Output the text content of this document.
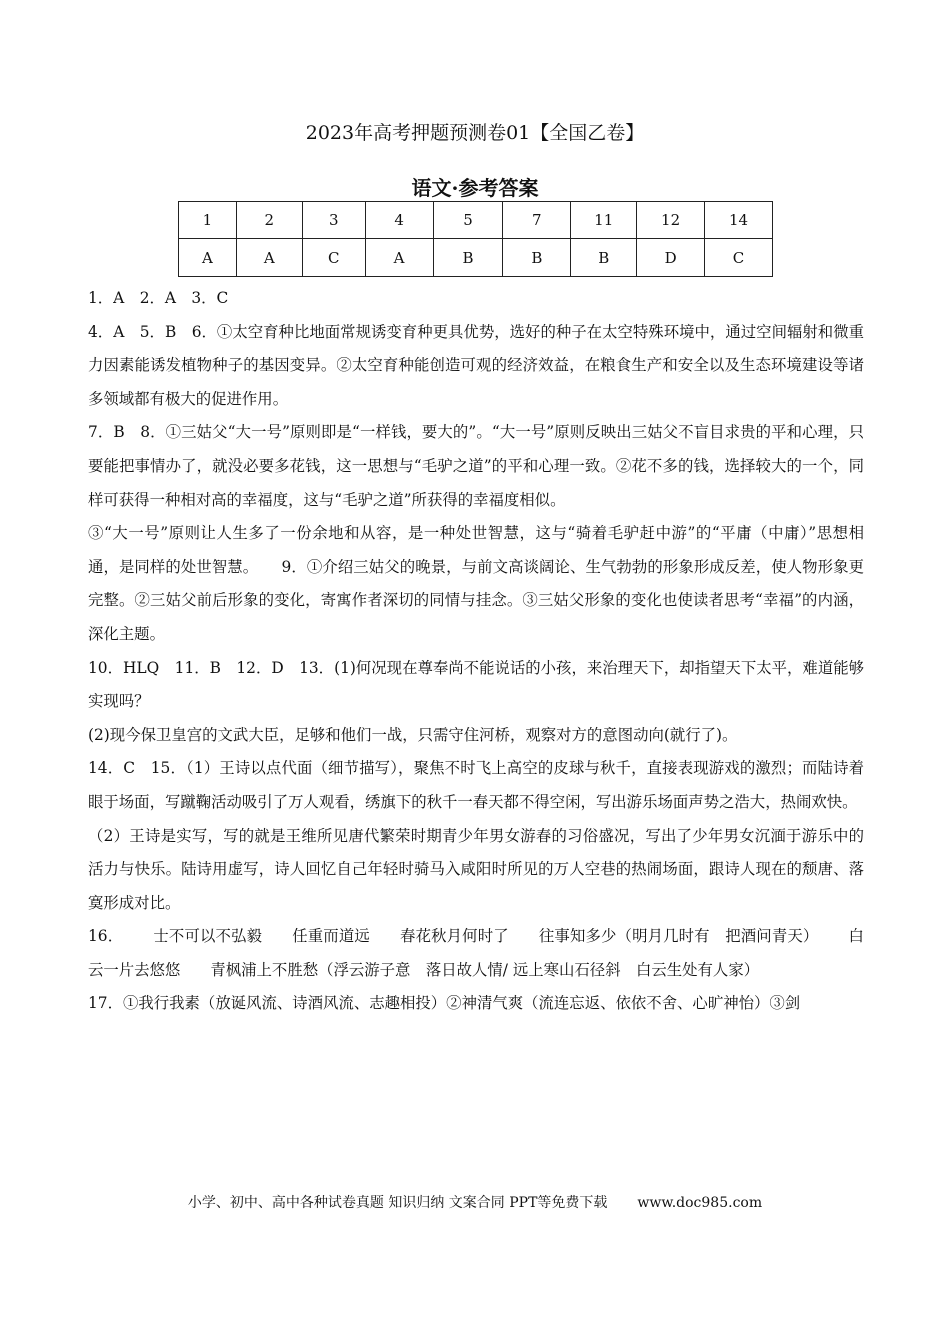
2023年高考押题预测卷01【全国乙卷】
语文·参考答案
1	2	3	4	5	7	11	12	14
A	A	C	A	B	B	B	D	C

1．A　2．A　3．C

4．A　5．B　6．①太空育种比地面常规诱变育种更具优势，选好的种子在太空特殊环境中，通过空间辐射和微重力因素能诱发植物种子的基因变异。②太空育种能创造可观的经济效益，在粮食生产和安全以及生态环境建设等诸多领域都有极大的促进作用。

7．B　8．①三姑父“大一号”原则即是“一样钱，要大的”。“大一号”原则反映出三姑父不盲目求贵的平和心理，只要能把事情办了，就没必要多花钱，这一思想与“毛驴之道”的平和心理一致。②花不多的钱，选择较大的一个，同样可获得一种相对高的幸福度，这与“毛驴之道”所获得的幸福度相似。

③“大一号”原则让人生多了一份余地和从容，是一种处世智慧，这与“骑着毛驴赶中游”的“平庸（中庸）”思想相通，是同样的处世智慧。　　9．①介绍三姑父的晚景，与前文高谈阔论、生气勃勃的形象形成反差，使人物形象更完整。②三姑父前后形象的变化，寄寓作者深切的同情与挂念。③三姑父形象的变化也使读者思考“幸福”的内涵，深化主题。

10．HLQ　11．B　12．D　13．(1)何况现在尊奉尚不能说话的小孩，来治理天下，却指望天下太平，难道能够实现吗？

(2)现今保卫皇宫的文武大臣，足够和他们一战，只需守住河桥，观察对方的意图动向(就行了)。

14．C　15．（1）王诗以点代面（细节描写），聚焦不时飞上高空的皮球与秋千，直接表现游戏的激烈；而陆诗着眼于场面，写蹴鞠活动吸引了万人观看，绣旗下的秋千一春天都不得空闲，写出游乐场面声势之浩大，热闹欢快。

（2）王诗是实写，写的就是王维所见唐代繁荣时期青少年男女游春的习俗盛况，写出了少年男女沉湎于游乐中的活力与快乐。陆诗用虚写，诗人回忆自己年轻时骑马入咸阳时所见的万人空巷的热闹场面，跟诗人现在的颓唐、落寞形成对比。

16． 士不可以不弘毅 任重而道远 春花秋月何时了 往事知多少（明月几时有　把酒问青天） 白云一片去悠悠 青枫浦上不胜愁（浮云游子意　落日故人情/ 远上寒山石径斜　白云生处有人家）

17．①我行我素（放诞风流、诗酒风流、志趣相投）②神清气爽（流连忘返、依依不舍、心旷神怡）③剑

小学、初中、高中各种试卷真题 知识归纳 文案合同 PPT等免费下载 www.doc985.com
